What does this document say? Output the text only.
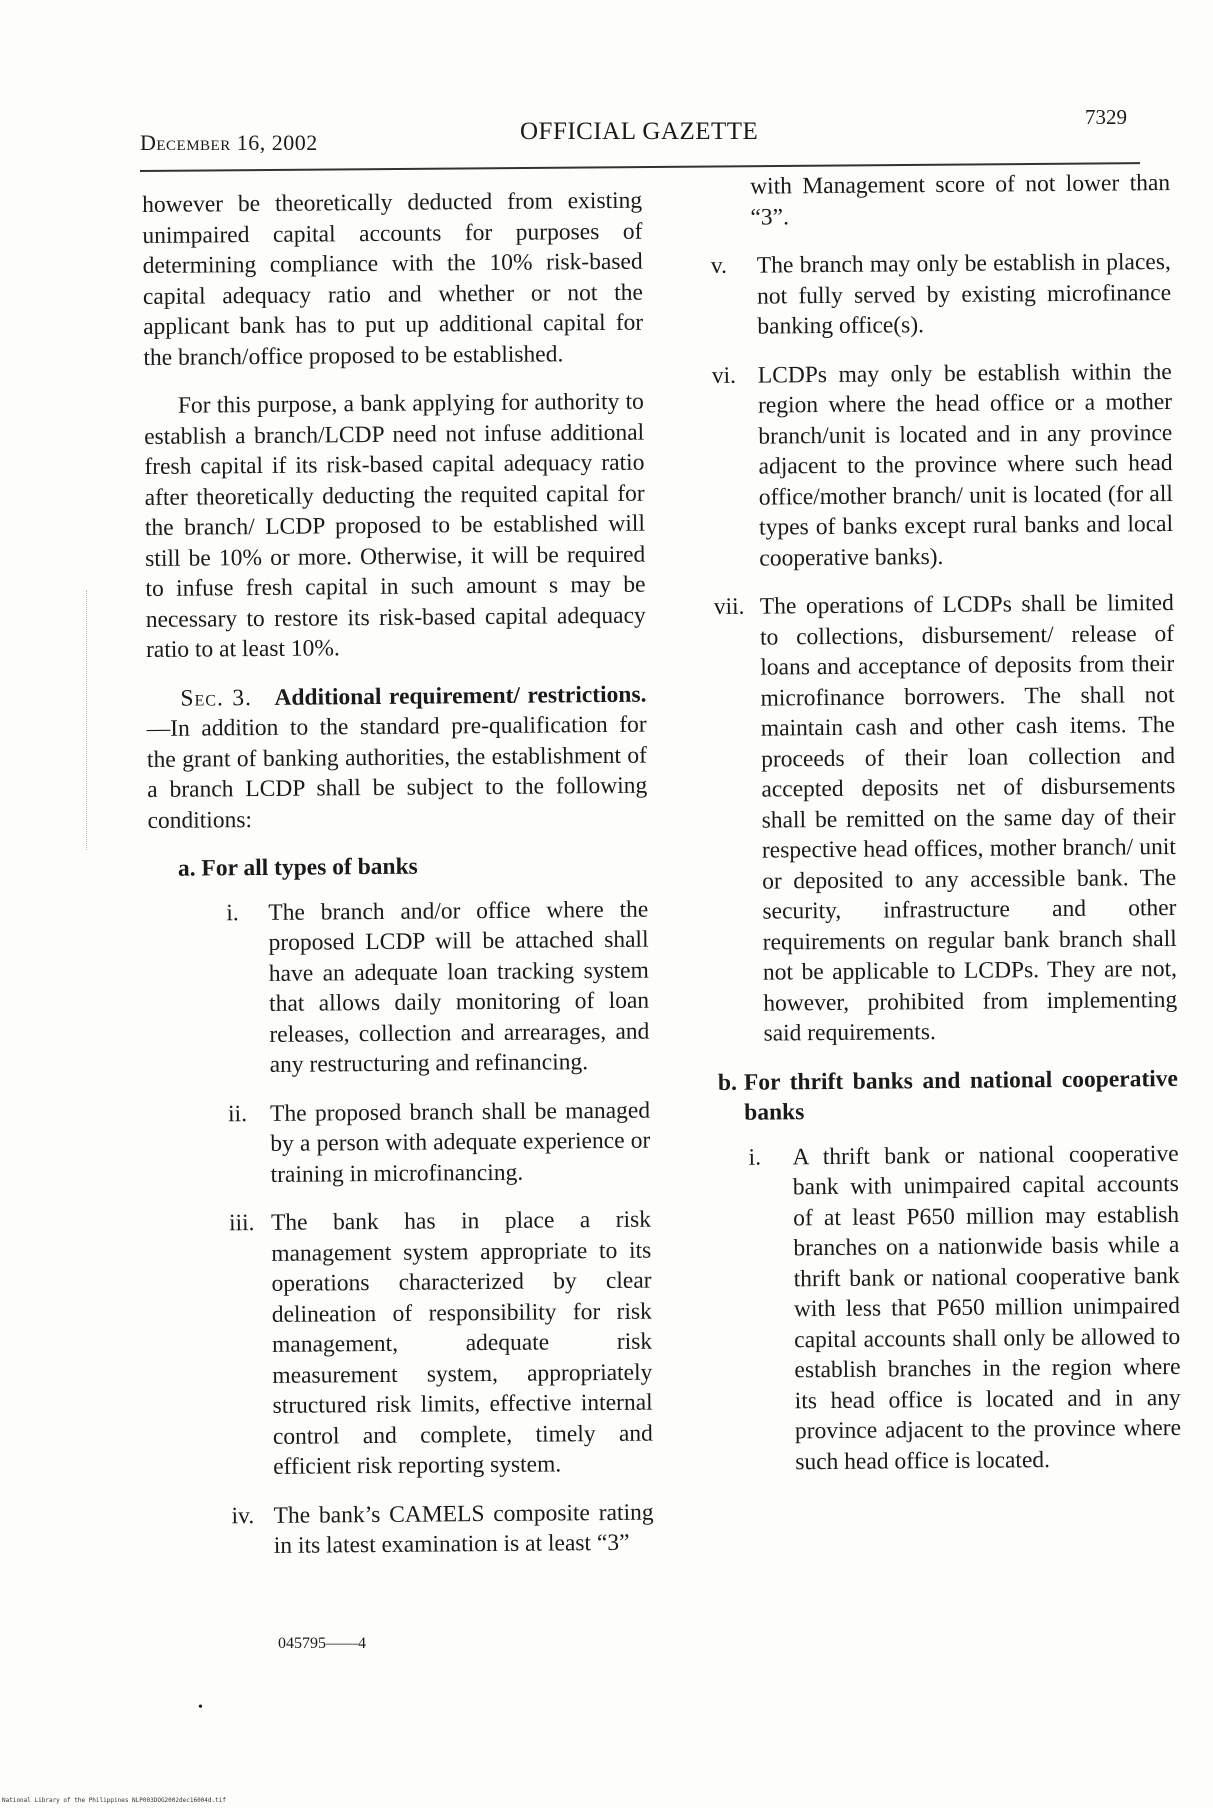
December 16, 2002	OFFICIAL GAZETTE
7329

however be theoretically deducted from existing unimpaired capital accounts for purposes of determining compliance with the 10% risk-based capital adequacy ratio and whether or not the applicant bank has to put up additional capital for the branch/office proposed to be established.

For this purpose, a bank applying for authority to establish a branch/LCDP need not infuse additional fresh capital if its risk-based capital adequacy ratio after theoretically deducting the requited capital for the branch/ LCDP proposed to be established will still be 10% or more. Otherwise, it will be required to infuse fresh capital in such amount s may be necessary to restore its risk-based capital adequacy ratio to at least 10%.

Sec. 3. Additional requirement/ restrictions.—In addition to the standard pre-qualification for the grant of banking authorities, the establishment of a branch LCDP shall be subject to the following conditions:

a. For all types of banks
i.	The branch and/or office where the proposed LCDP will be attached shall have an adequate loan tracking system that allows daily monitoring of loan releases, collection and arrearages, and any restructuring and refinancing.
ii. The proposed branch shall be managed by a person with adequate experience or training in microfinancing.
iii. The bank has in place a risk management system appropriate to its operations characterized by clear delineation of responsibility for risk management, adequate risk measurement system, appropriately structured risk limits, effective internal control and complete, timely and efficient risk reporting system.
iv. The bank’s CAMELS composite rating in its latest examination is at least “3”

with Management score of not lower than “3”.

v.	The branch may only be establish in places, not fully served by existing microfinance banking office(s).
vi. LCDPs may only be establish within the region where the head office or a mother branch/unit is located and in any province adjacent to the province where such head office/mother branch/ unit is located (for all types of banks except rural banks and local cooperative banks).
vii. The operations of LCDPs shall be limited to collections, disbursement/ release of loans and acceptance of deposits from their microfinance borrowers. The shall not maintain cash and other cash items. The proceeds of their loan collection and accepted deposits net of disbursements shall be remitted on the same day of their respective head offices, mother branch/ unit or deposited to any accessible bank. The security, infrastructure and other requirements on regular bank branch shall not be applicable to LCDPs. They are not, however, prohibited from implementing said requirements.
b. For thrift banks and national cooperative banks
i.	A thrift bank or national cooperative bank with unimpaired capital accounts of at least P650 million may establish branches on a nationwide basis while a thrift bank or national cooperative bank with less that P650 million unimpaired capital accounts shall only be allowed to establish branches in the region where its head office is located and in any province adjacent to the province where such head office is located.
045795——4
•
National Library of the Philippines NLP003DOG2002dec16004d.tif
